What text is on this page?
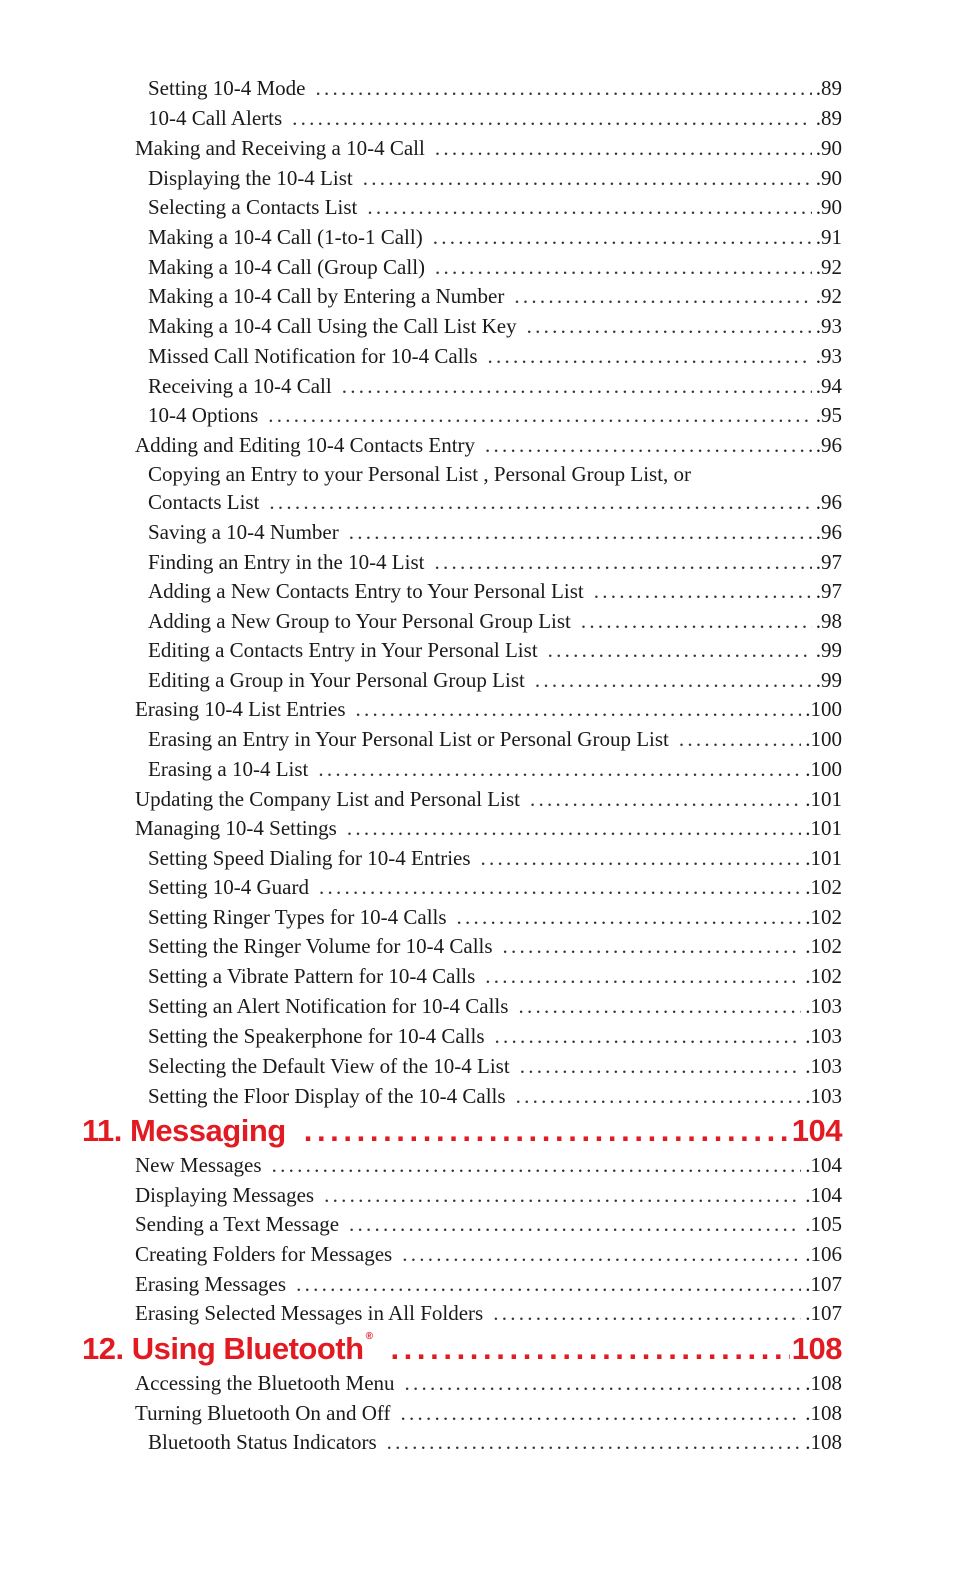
Setting 10-4 Mode . . .	.89
10-4 Call Alerts . . .	.89
Making and Receiving a 10-4 Call . . .	.90
Displaying the 10-4 List . . .	.90
Selecting a Contacts List . . .	.90
Making a 10-4 Call (1-to-1 Call) . . .	.91
Making a 10-4 Call (Group Call) . . .	.92
Making a 10-4 Call by Entering a Number . . .	.92
Making a 10-4 Call Using the Call List Key . . .	.93
Missed Call Notification for 10-4 Calls . . .	.93
Receiving a 10-4 Call . . .	.94
10-4 Options . . .	.95
Adding and Editing 10-4 Contacts Entry . . .	.96
Copying an Entry to your Personal List , Personal Group List, or
Contacts List . . .	.96
Saving a 10-4 Number . . .	.96
Finding an Entry in the 10-4 List . . .	.97
Adding a New Contacts Entry to Your Personal List . . .	.97
Adding a New Group to Your Personal Group List . . .	.98
Editing a Contacts Entry in Your Personal List . . .	.99
Editing a Group in Your Personal Group List . . .	.99
Erasing 10-4 List Entries . . .	.100
Erasing an Entry in Your Personal List or Personal Group List . . .	.100
Erasing a 10-4 List . . .	.100
Updating the Company List and Personal List . . .	.101
Managing 10-4 Settings . . .	.101
Setting Speed Dialing for 10-4 Entries . . .	.101
Setting 10-4 Guard . . .	.102
Setting Ringer Types for 10-4 Calls . . .	.102
Setting the Ringer Volume for 10-4 Calls . . .	.102
Setting a Vibrate Pattern for 10-4 Calls . . .	.102
Setting an Alert Notification for 10-4 Calls . . .	.103
Setting the Speakerphone for 10-4 Calls . . .	.103
Selecting the Default View of the 10-4 List . . .	.103
Setting the Floor Display of the 10-4 Calls . . .	.103
11. Messaging . . .	104
New Messages . . .	.104
Displaying Messages . . .	.104
Sending a Text Message . . .	.105
Creating Folders for Messages . . .	.106
Erasing Messages . . .	.107
Erasing Selected Messages in All Folders . . .	.107
12. Using Bluetooth ® . . .	108
Accessing the Bluetooth Menu . . .	.108
Turning Bluetooth On and Off . . .	.108
Bluetooth Status Indicators . . .	.108
